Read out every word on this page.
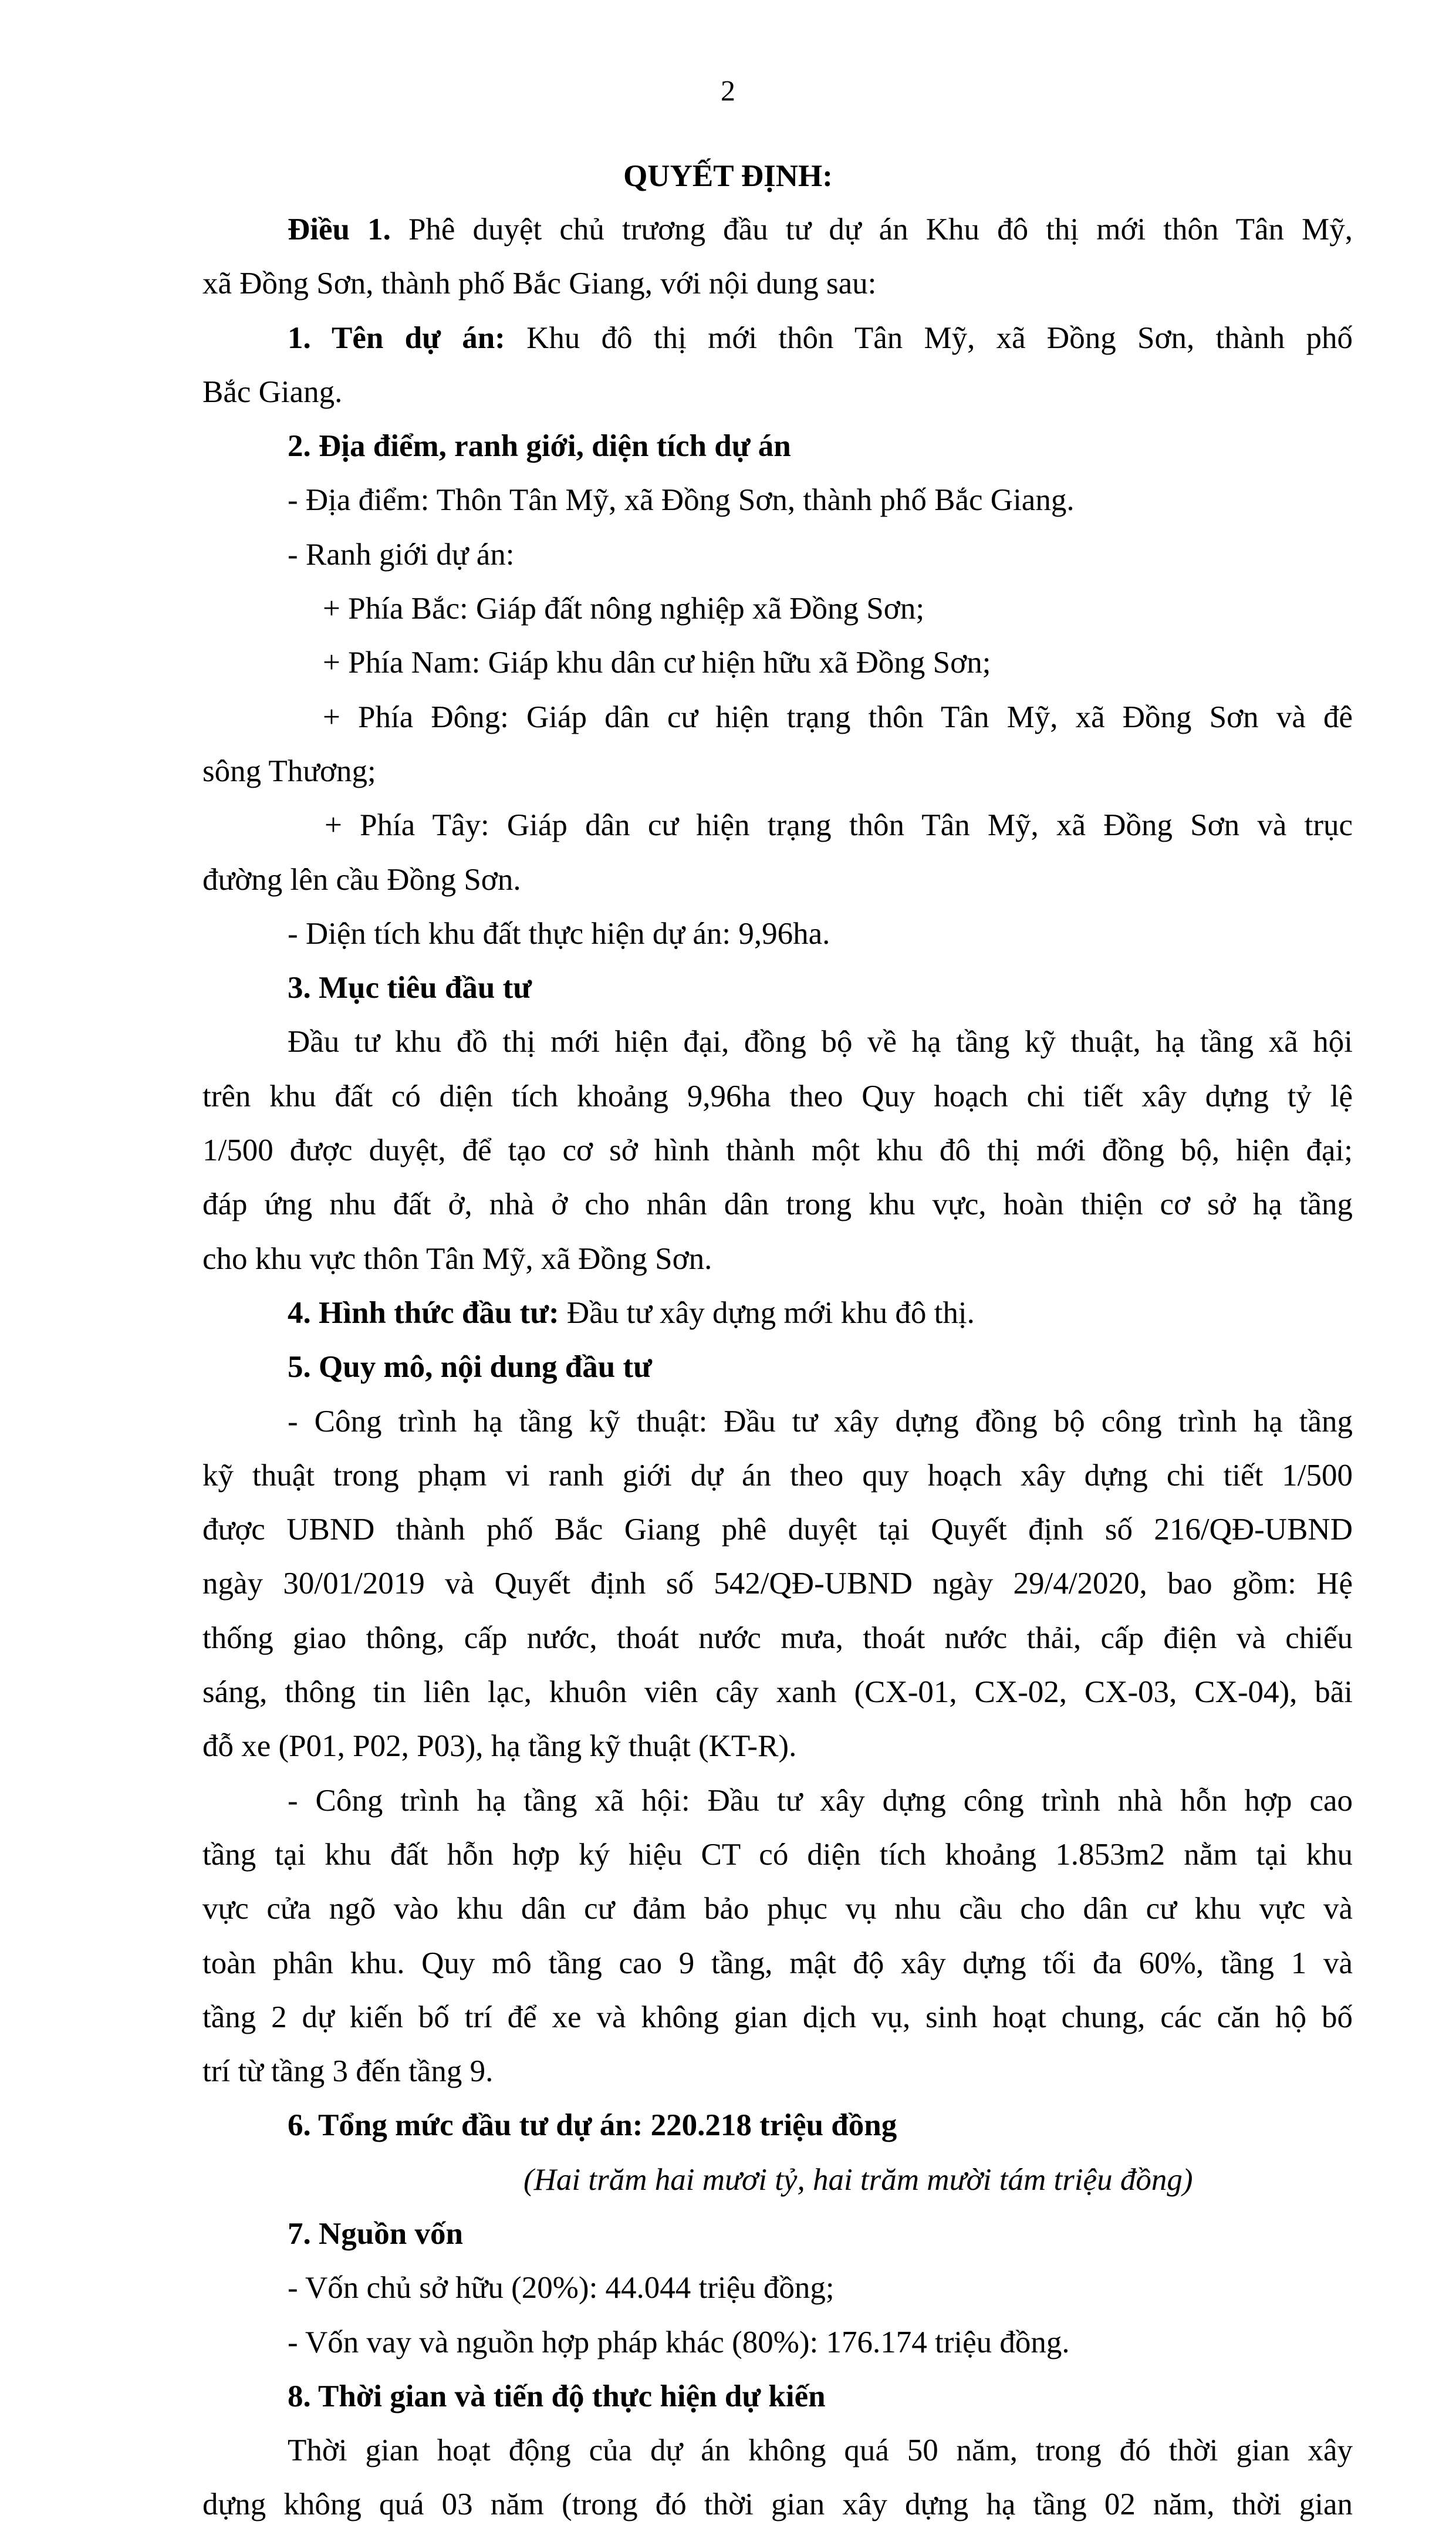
2
QUYẾT ĐỊNH:
Điều 1. Phê duyệt chủ trương đầu tư dự án Khu đô thị mới thôn Tân Mỹ,
xã Đồng Sơn, thành phố Bắc Giang, với nội dung sau:
1. Tên dự án: Khu đô thị mới thôn Tân Mỹ, xã Đồng Sơn, thành phố
Bắc Giang.
2. Địa điểm, ranh giới, diện tích dự án
- Địa điểm: Thôn Tân Mỹ, xã Đồng Sơn, thành phố Bắc Giang.
- Ranh giới dự án:
+ Phía Bắc: Giáp đất nông nghiệp xã Đồng Sơn;
+ Phía Nam: Giáp khu dân cư hiện hữu xã Đồng Sơn;
+ Phía Đông: Giáp dân cư hiện trạng thôn Tân Mỹ, xã Đồng Sơn và đê
sông Thương;
+ Phía Tây: Giáp dân cư hiện trạng thôn Tân Mỹ, xã Đồng Sơn và trục
đường lên cầu Đồng Sơn.
- Diện tích khu đất thực hiện dự án: 9,96ha.
3. Mục tiêu đầu tư
Đầu tư khu đồ thị mới hiện đại, đồng bộ về hạ tầng kỹ thuật, hạ tầng xã hội
trên khu đất có diện tích khoảng 9,96ha theo Quy hoạch chi tiết xây dựng tỷ lệ
1/500 được duyệt, để tạo cơ sở hình thành một khu đô thị mới đồng bộ, hiện đại;
đáp ứng nhu đất ở, nhà ở cho nhân dân trong khu vực, hoàn thiện cơ sở hạ tầng
cho khu vực thôn Tân Mỹ, xã Đồng Sơn.
4. Hình thức đầu tư: Đầu tư xây dựng mới khu đô thị.
5. Quy mô, nội dung đầu tư
- Công trình hạ tầng kỹ thuật: Đầu tư xây dựng đồng bộ công trình hạ tầng
kỹ thuật trong phạm vi ranh giới dự án theo quy hoạch xây dựng chi tiết 1/500
được UBND thành phố Bắc Giang phê duyệt tại Quyết định số 216/QĐ-UBND
ngày 30/01/2019 và Quyết định số 542/QĐ-UBND ngày 29/4/2020, bao gồm: Hệ
thống giao thông, cấp nước, thoát nước mưa, thoát nước thải, cấp điện và chiếu
sáng, thông tin liên lạc, khuôn viên cây xanh (CX-01, CX-02, CX-03, CX-04), bãi
đỗ xe (P01, P02, P03), hạ tầng kỹ thuật (KT-R).
- Công trình hạ tầng xã hội: Đầu tư xây dựng công trình nhà hỗn hợp cao
tầng tại khu đất hỗn hợp ký hiệu CT có diện tích khoảng 1.853m2 nằm tại khu
vực cửa ngõ vào khu dân cư đảm bảo phục vụ nhu cầu cho dân cư khu vực và
toàn phân khu. Quy mô tầng cao 9 tầng, mật độ xây dựng tối đa 60%, tầng 1 và
tầng 2 dự kiến bố trí để xe và không gian dịch vụ, sinh hoạt chung, các căn hộ bố
trí từ tầng 3 đến tầng 9.
6. Tổng mức đầu tư dự án: 220.218 triệu đồng
(Hai trăm hai mươi tỷ, hai trăm mười tám triệu đồng)
7. Nguồn vốn
- Vốn chủ sở hữu (20%): 44.044 triệu đồng;
- Vốn vay và nguồn hợp pháp khác (80%): 176.174 triệu đồng.
8. Thời gian và tiến độ thực hiện dự kiến
Thời gian hoạt động của dự án không quá 50 năm, trong đó thời gian xây
dựng không quá 03 năm (trong đó thời gian xây dựng hạ tầng 02 năm, thời gian
